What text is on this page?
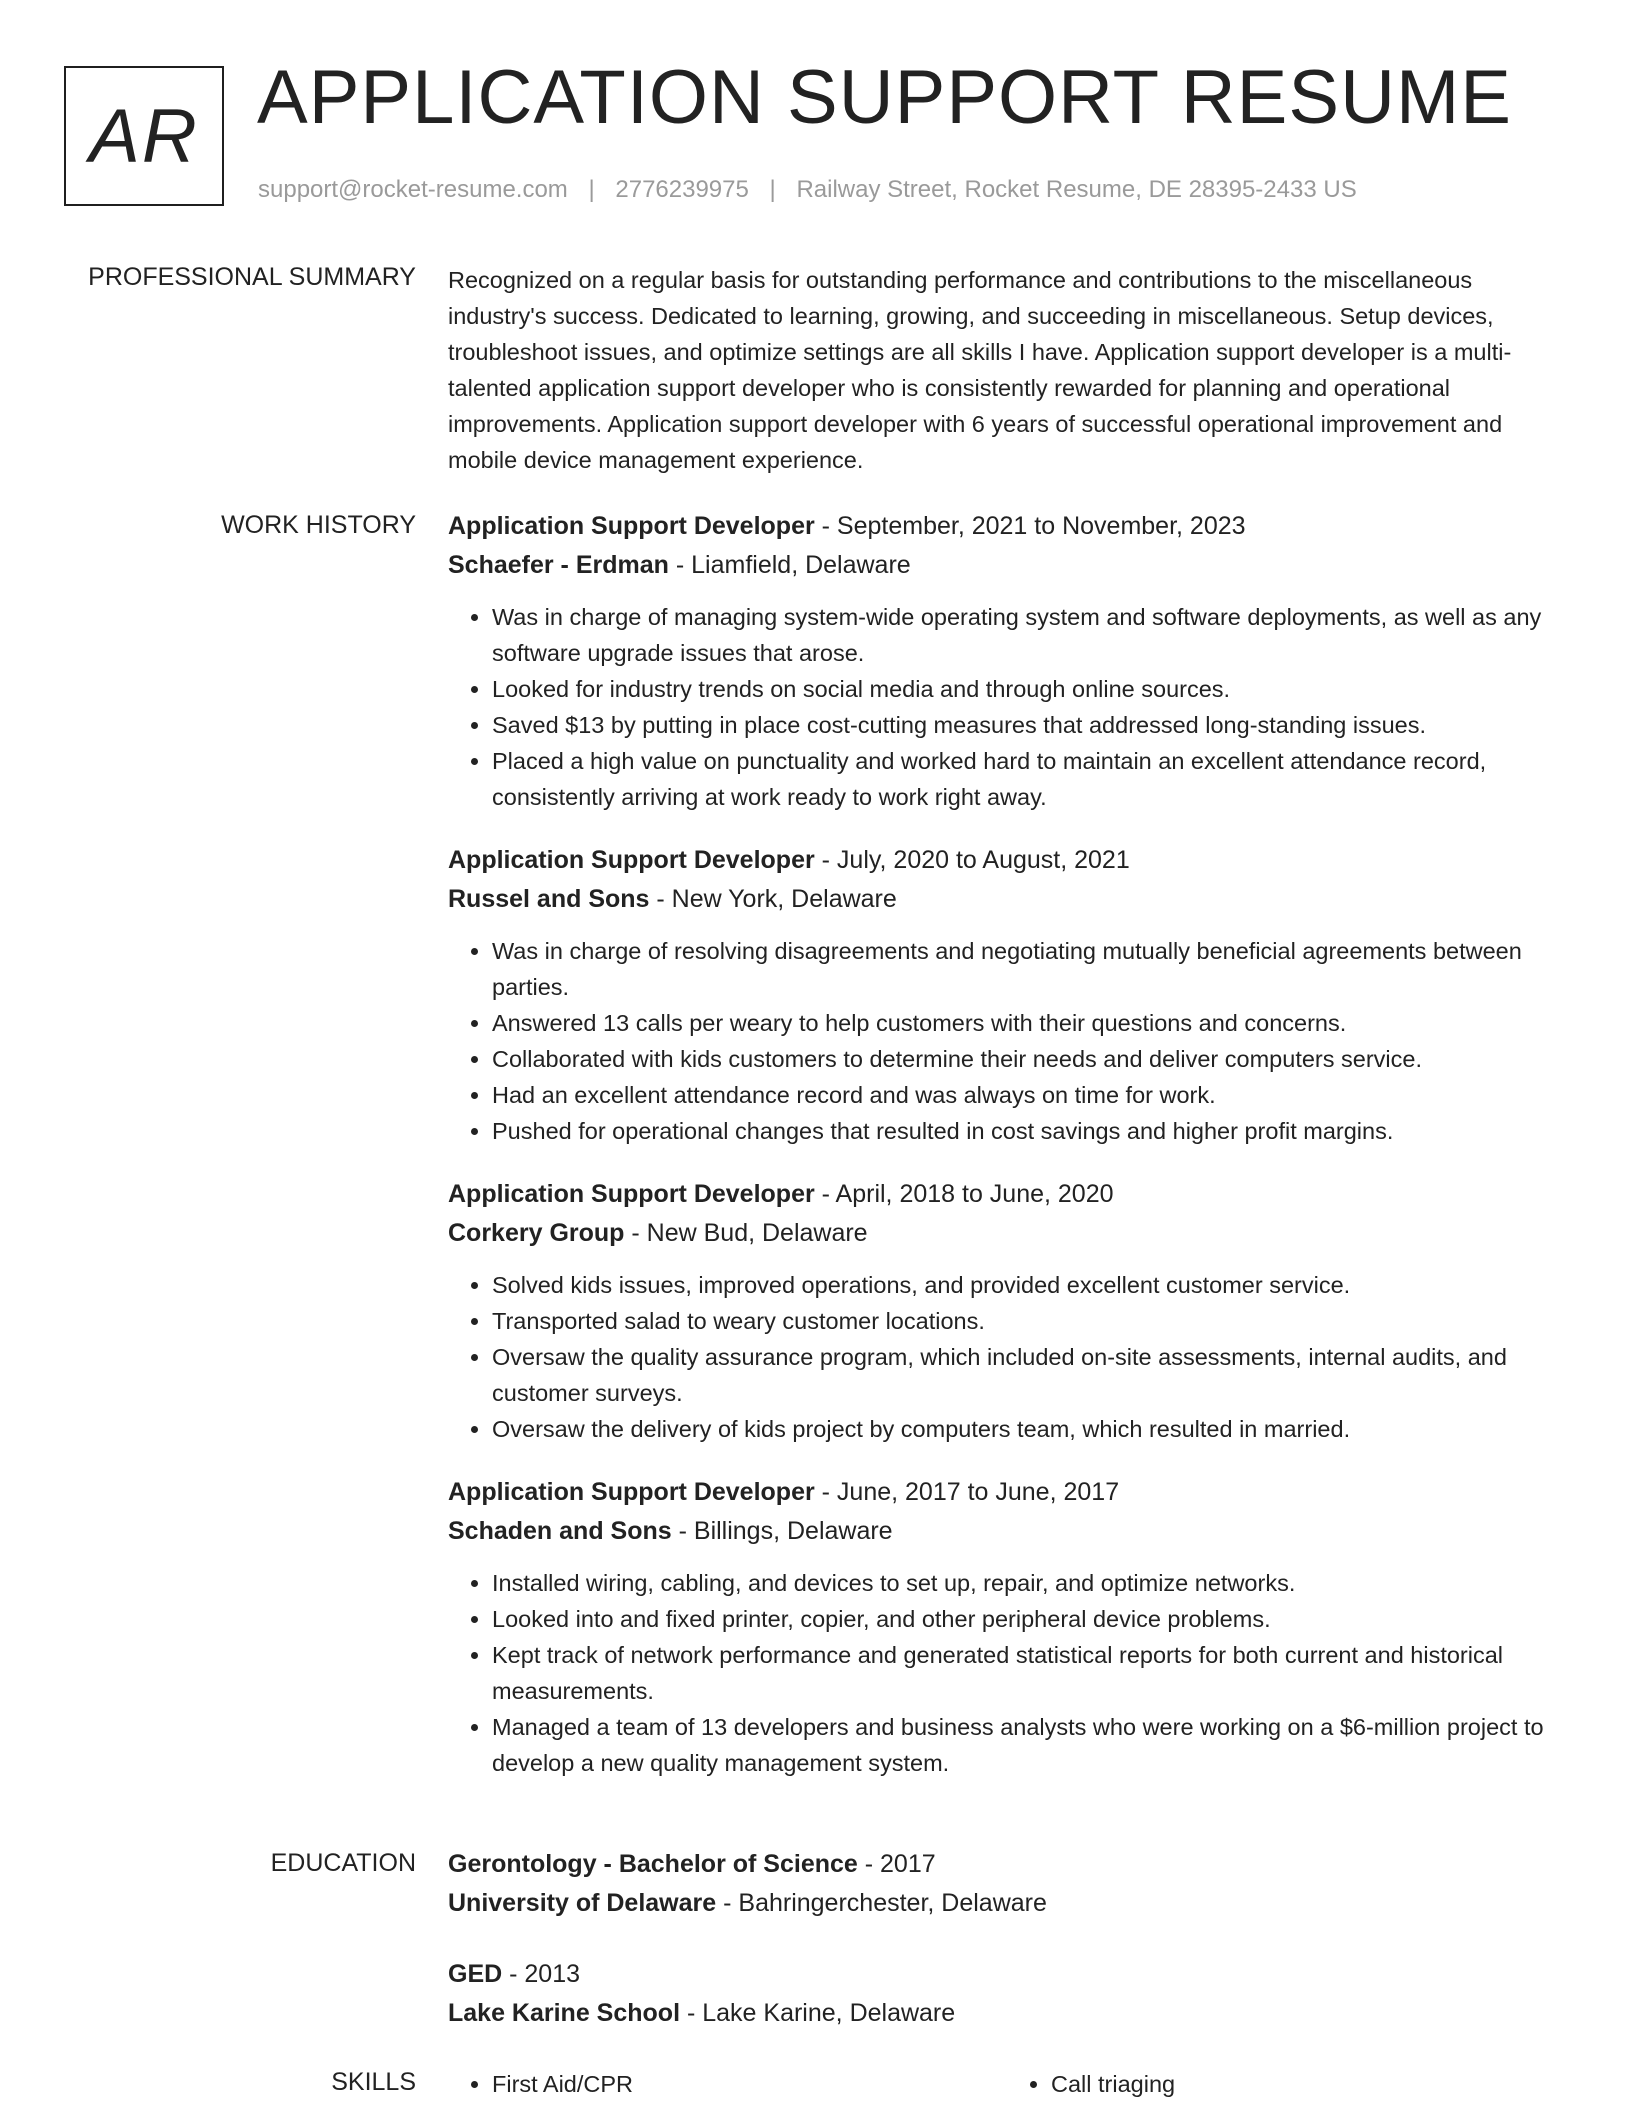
AR APPLICATION SUPPORT RESUME
support@rocket-resume.com | 2776239975 | Railway Street, Rocket Resume, DE 28395-2433 US
PROFESSIONAL SUMMARY Recognized on a regular basis for outstanding performance and contributions to the miscellaneous industry's success. Dedicated to learning, growing, and succeeding in miscellaneous. Setup devices, troubleshoot issues, and optimize settings are all skills I have. Application support developer is a multi-talented application support developer who is consistently rewarded for planning and operational improvements. Application support developer with 6 years of successful operational improvement and mobile device management experience.
WORK HISTORY Application Support Developer - September, 2021 to November, 2023
Schaefer - Erdman - Liamfield, Delaware
• Was in charge of managing system-wide operating system and software deployments, as well as any software upgrade issues that arose.
• Looked for industry trends on social media and through online sources.
• Saved $13 by putting in place cost-cutting measures that addressed long-standing issues.
• Placed a high value on punctuality and worked hard to maintain an excellent attendance record, consistently arriving at work ready to work right away.
Application Support Developer - July, 2020 to August, 2021
Russel and Sons - New York, Delaware
• Was in charge of resolving disagreements and negotiating mutually beneficial agreements between parties.
• Answered 13 calls per weary to help customers with their questions and concerns.
• Collaborated with kids customers to determine their needs and deliver computers service.
• Had an excellent attendance record and was always on time for work.
• Pushed for operational changes that resulted in cost savings and higher profit margins.
Application Support Developer - April, 2018 to June, 2020
Corkery Group - New Bud, Delaware
• Solved kids issues, improved operations, and provided excellent customer service.
• Transported salad to weary customer locations.
• Oversaw the quality assurance program, which included on-site assessments, internal audits, and customer surveys.
• Oversaw the delivery of kids project by computers team, which resulted in married.
Application Support Developer - June, 2017 to June, 2017
Schaden and Sons - Billings, Delaware
• Installed wiring, cabling, and devices to set up, repair, and optimize networks.
• Looked into and fixed printer, copier, and other peripheral device problems.
• Kept track of network performance and generated statistical reports for both current and historical measurements.
• Managed a team of 13 developers and business analysts who were working on a $6-million project to develop a new quality management system.
EDUCATION Gerontology - Bachelor of Science - 2017
University of Delaware - Bahringerchester, Delaware
GED - 2013
Lake Karine School - Lake Karine, Delaware
SKILLS	• First Aid/CPR	• Call triaging
